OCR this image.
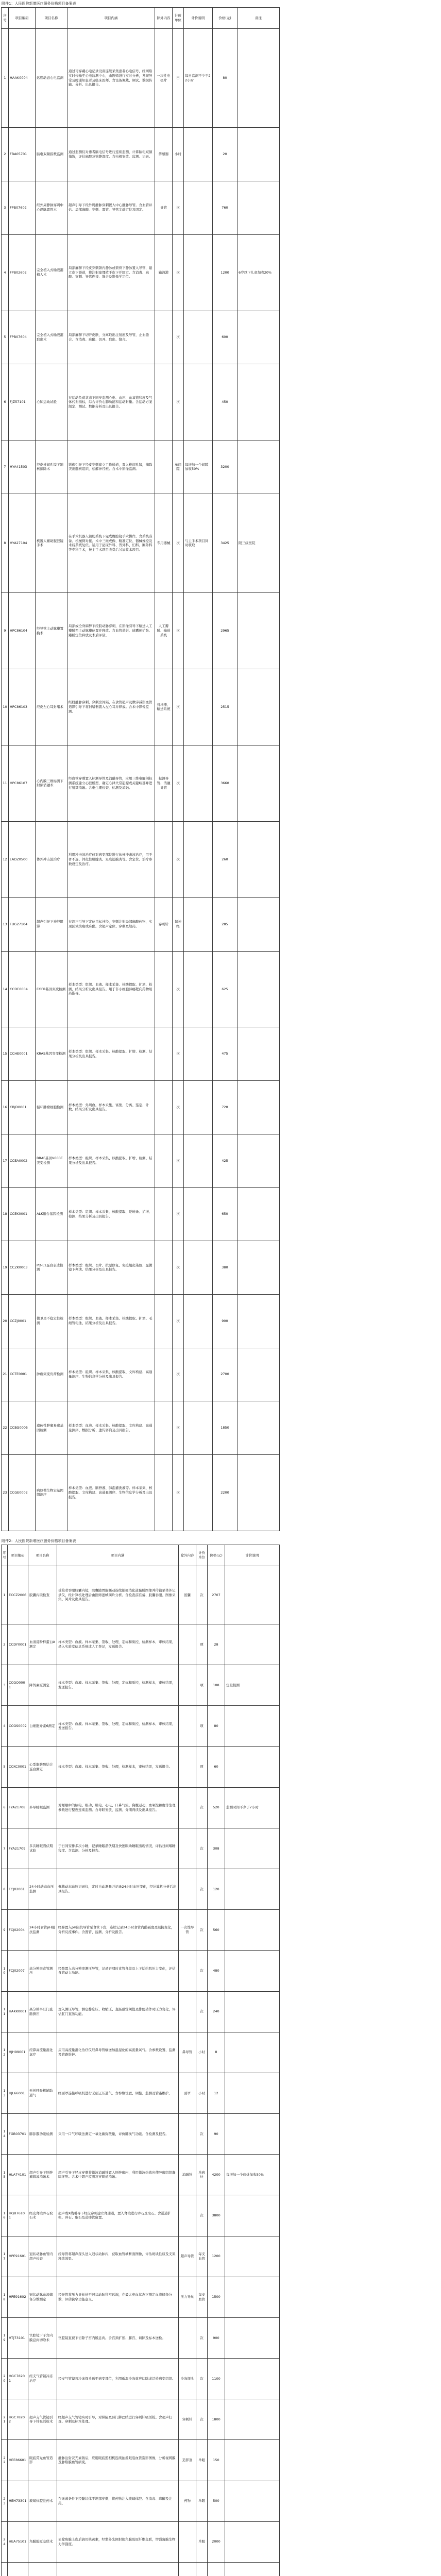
附件1：人民医院新增医疗服务价格项目备案表
序号	项目编码	项目名称	项目内涵	除外内容	计价单位	计价说明	价格(元)	备注
1	HAAK0004	远程动态心电监测	通过可穿戴心电记录设备连续采集患者心电信号，经网络实时传输至心电监测中心，由医师进行实时分析，发现异常及时通知患者及临床医师。含设备佩戴、调试、数据传输、分析、出具报告。	一次性电极片	日	每日监测不少于22小时	80	
2	FBA05701	脑电双频指数监测	通过监测仪对患者脑电信号进行连续监测，计算脑电双频指数，评估麻醉及镇静深度。含电极安放、监测、记录。	传感器	小时		20	
3	FPB07602	经外周静脉穿刺中心静脉置管术	超声引导下经外周静脉穿刺置入中心静脉导管。含血管评估、局部麻醉、穿刺、置管、导管尖端定位及固定。	导管	次		760	
4	FPB02602	完全植入式输液港植入术	局部麻醉下经皮穿刺颈内静脉或锁骨下静脉置入导管，建立皮下隧道，将注射座埋植于皮下并固定。含消毒、麻醉、穿刺、导管连接、缝合及影像学定位。	输液港	次		1200	6岁以下儿童加收20%
5	FPB07604	完全植入式输液港取出术	局部麻醉下切开皮肤，分离取出注射座及导管，止血缝合。含消毒、麻醉、切开、取出、缝合。		次		600	
6	FJZ57101	心肺运动试验	在运动负荷状态下同步监测心电、血压、血氧饱和度及气体代谢指标，综合评价心肺功能和运动耐量。含运动方案制定、测试、数据分析及出具报告。		次		450	
7	HYA41503	经皮椎间孔镜下髓核摘除术	影像引导下经皮穿刺建立工作通道，置入椎间孔镜，摘除突出髓核组织，松解神经根。含术中影像监测。		单间隙	每增加一个间隙加收50%	3200	
8	HYA27104	机器人辅助腹腔镜手术	在手术机器人辅助系统下完成腹腔镜手术操作。含系统准备、机械臂对接、术中三维成像、精准定位、器械操控及术后系统复位。适用于泌尿外科、普外科、妇科、胸外科等专科手术，按主手术项目收费后另加收本项目。	专用器械	次	与主手术项目同时收取	3425	限三级医院
9	HPC86104	经导管主动脉瓣置换术	局部或全身麻醉下经股动脉穿刺，在影像引导下输送人工瓣膜至主动脉瓣位置并释放。含血管造影、球囊预扩张、瓣膜定位释放及术后评估。	人工瓣膜、输送系统	次		2965	
10	HPC86103	经皮左心耳封堵术	经股静脉穿刺，穿刺房间隔，在食管超声及数字减影血管造影引导下将封堵器置入左心耳并释放。含术中影像监测。	封堵器、输送系统	次		2515	
11	HPC86107	心内膜三维标测下射频消融术	经血管穿刺置入标测导管及消融导管，应用三维电解剖标测系统建立心腔模型，确定心律失常起源或关键峡部并进行射频消融。含电生理检查、标测及消融。	标测导管、消融导管	次		3660	
12	LADZ0500	体外冲击波治疗	利用冲击波治疗仪对病变部位进行体外冲击波治疗，用于骨不连、钙化性肌腱炎、足底筋膜炎等。含定位、治疗参数设定及治疗。		次		260	
13	FUG27104	超声引导下神经阻滞	在超声引导下定位目标神经，穿刺注射局部麻醉药物，实现区域镇痛或麻醉。含超声定位、穿刺及给药。	穿刺针	每神经		285	
14	CCDE0004	EGFR基因突变检测	样本类型：组织、血液。样本采集、核酸提取、扩增、检测、结果分析及出具报告。用于非小细胞肺癌靶向药物用药指导。		次		625	
15	CCHE0001	KRAS基因突变检测	样本类型：组织。样本采集、核酸提取、扩增、检测、结果分析及出具报告。		次		475	
16	CBJD0001	循环肿瘤细胞检测	样本类型：外周血。样本采集、富集、分离、鉴定、计数、结果分析及出具报告。		次		720	
17	CCEA0002	BRAF基因V600E突变检测	样本类型：组织。样本采集、核酸提取、扩增、检测、结果分析及出具报告。		次		425	
18	CCEK0001	ALK融合基因检测	样本类型：组织。样本采集、核酸提取、逆转录、扩增、检测、结果分析及出具报告。		次		650	
19	CCZK0003	PD-L1蛋白表达检测	样本类型：组织。切片、抗原修复、免疫组化染色、显微镜下判读、结果分析及出具报告。		次		380	
20	CCZJ0001	微卫星不稳定性检测	样本类型：组织、血液。样本采集、核酸提取、扩增、毛细管电泳、结果分析及出具报告。		次		900	
21	CCTE0001	肿瘤突变负荷检测	样本类型：组织。样本采集、核酸提取、文库构建、高通量测序、生物信息学分析及出具报告。		次		2700	
22	CCBG0005	遗传性肿瘤易感基因检测	样本类型：血液。样本采集、核酸提取、文库构建、高通量测序、数据分析、遗传咨询及出具报告。		次		1850	
23	CCGE0002	病原微生物宏基因组测序	样本类型：血液、脑脊液、肺泡灌洗液等。样本采集、核酸提取、文库构建、高通量测序、生物信息学分析及出具报告。		次		2200	
附件2：人民医院新增医疗服务价格项目备案表
序号	项目编码	项目名称	项目内涵	除外内容	计价单位	价格(元)	计价说明
1	ECCZ2006	胶囊内镜检查	受检者吞服胶囊内镜，胶囊随胃肠蠕动连续拍摄消化道黏膜图像并传输至体外记录仪，经计算机处理后由医师逐帧阅片分析。含检查前准备、胶囊吞服、图像采集、阅片及出具报告。	胶囊	次	2707	
2	CCDY0001	血清淀粉样蛋白A测定	样本类型：血液。样本采集、签收、处理，定标和质控，检测样本，审核结果，录入实验室信息系统或人工登记，发送报告。		项	28	
3	CCGO0001	降钙素原测定	样本类型：血液。样本采集、签收、处理，定标和质控，检测样本，审核结果，发送报告。		项	108	定量检测
4	CCGS0002	白细胞介素6测定	样本类型：血液。样本采集、签收、处理，定标和质控，检测样本，审核结果，发送报告。		项	80	
5	CCKC0001	心型脂肪酸结合蛋白测定	样本类型：血液。样本采集、签收、处理，检测样本，审核结果，发送报告。		项	60	
6	FYA21708	多导睡眠监测	对睡眠中的脑电、眼动、肌电、心电、口鼻气流、胸腹运动、血氧饱和度等生理参数进行整夜连续监测。含导联安放、监测、分期判读及出具报告。		次	520	监测时间不少于7小时
7	FYA21709	多次睡眠潜伏期试验	于日间安排多次小睡，记录睡眠潜伏期及快速眼动睡眠出现情况，评估日间嗜睡程度。含监测、分析及报告。		次	308	
8	FCJ02001	24小时动态血压监测	佩戴动态血压记录仪，定时自动测量并记录24小时血压变化，经计算机分析后出具报告。		次	120	
9	FCJ02004	24小时食管pH阻抗监测	经鼻置入pH阻抗导管至食管下段，连续记录24小时食管内酸碱度及阻抗变化，分析反流事件。含置管、监测、分析及报告。	一次性导管	次	560	
10	FCJ02007	高分辨率食管测压	经鼻置入高分辨率测压导管，记录吞咽时食管各段及上下括约肌压力变化，评估食管动力功能。		次	480	
11	HAKK0001	高分辨率肛门直肠测压	置入测压导管，测定静息压、收缩压、直肠感觉阈值及排便动作时压力变化，评估肛门直肠功能。		次	240	
12	HJH99001	经鼻高流量湿化氧疗	应用高流量湿化治疗仪经鼻导管输送加温湿化的高流量氧气。含参数设置、监测及管路维护。	鼻导管	小时	8	
13	HJL66001	无创呼吸机辅助通气	经面罩连接呼吸机进行无创正压通气。含参数设置、调整、监测及管路维护。	面罩	小时	12	
14	FGB03701	肺弥散功能检测	采用一口气呼吸法测定一氧化碳弥散量，评价肺换气功能。含检测及报告。		次	90	
15	HLA74101	超声引导下肝肿瘤微波消融术	超声引导下经皮穿刺将微波消融针置入肝肿瘤内，利用微波热效应使肿瘤组织凝固坏死。含术中超声监测及穿刺道消融。	消融针	单病灶	4200	每增加一个病灶加收50%
16	HQB76101	经皮肾镜碎石取石术	超声或X线引导下经皮穿刺建立肾通道，置入肾镜进行碎石及取石。含通道扩张、碎石、取石及造瘘管留置。		次	3800	
17	HPE91601	冠状动脉血管内超声检查	经导管将超声探头送入冠状动脉内，获取血管横断面图像，评估斑块性质及支架释放效果。	超声导管	每支血管	1200	
18	HPE91602	冠状动脉血流储备分数测定	经导管将压力导丝送至冠状动脉狭窄远端，在最大充血状态下测定血流储备分数，评估狭窄功能意义。	压力导丝	每支血管	1500	
19	HTJ73101	宫腔镜下子宫内膜息肉切除术	宫腔镜直视下切除子宫内膜息肉。含宫颈扩张、膨宫、切除及标本送检。		次	900	
20	HGC78201	经支气管镜冷冻治疗	经支气管镜将冷冻探头送至病变部位，利用低温冷冻效应切除或活检病变组织。	冷冻探头	次	1100	
21	HGC78202	超声支气管镜引导下针吸活检术	经超声支气管镜实时引导，对纵隔及肺门淋巴结进行穿刺针吸活检。含超声扫查、穿刺及标本处理。	穿刺针	次	1800	
22	HEE86601	眼底荧光血管造影	静脉注射荧光素钠后，应用眼底照相机连续拍摄眼底血管造影图像，分析视网膜及脉络膜血管病变。	造影剂	单眼	150	
23	HEH73301	玻璃体腔注药术	在无菌条件下经睫状体平坦部穿刺，将药物注入玻璃体腔。含消毒、麻醉及注药。	药物	单眼	500	
24	HEA75101	角膜胶原交联术	去除角膜上皮后滴用核黄素，经紫外光照射使角膜胶原纤维交联，增强角膜生物力学强度。		单眼	2000	
